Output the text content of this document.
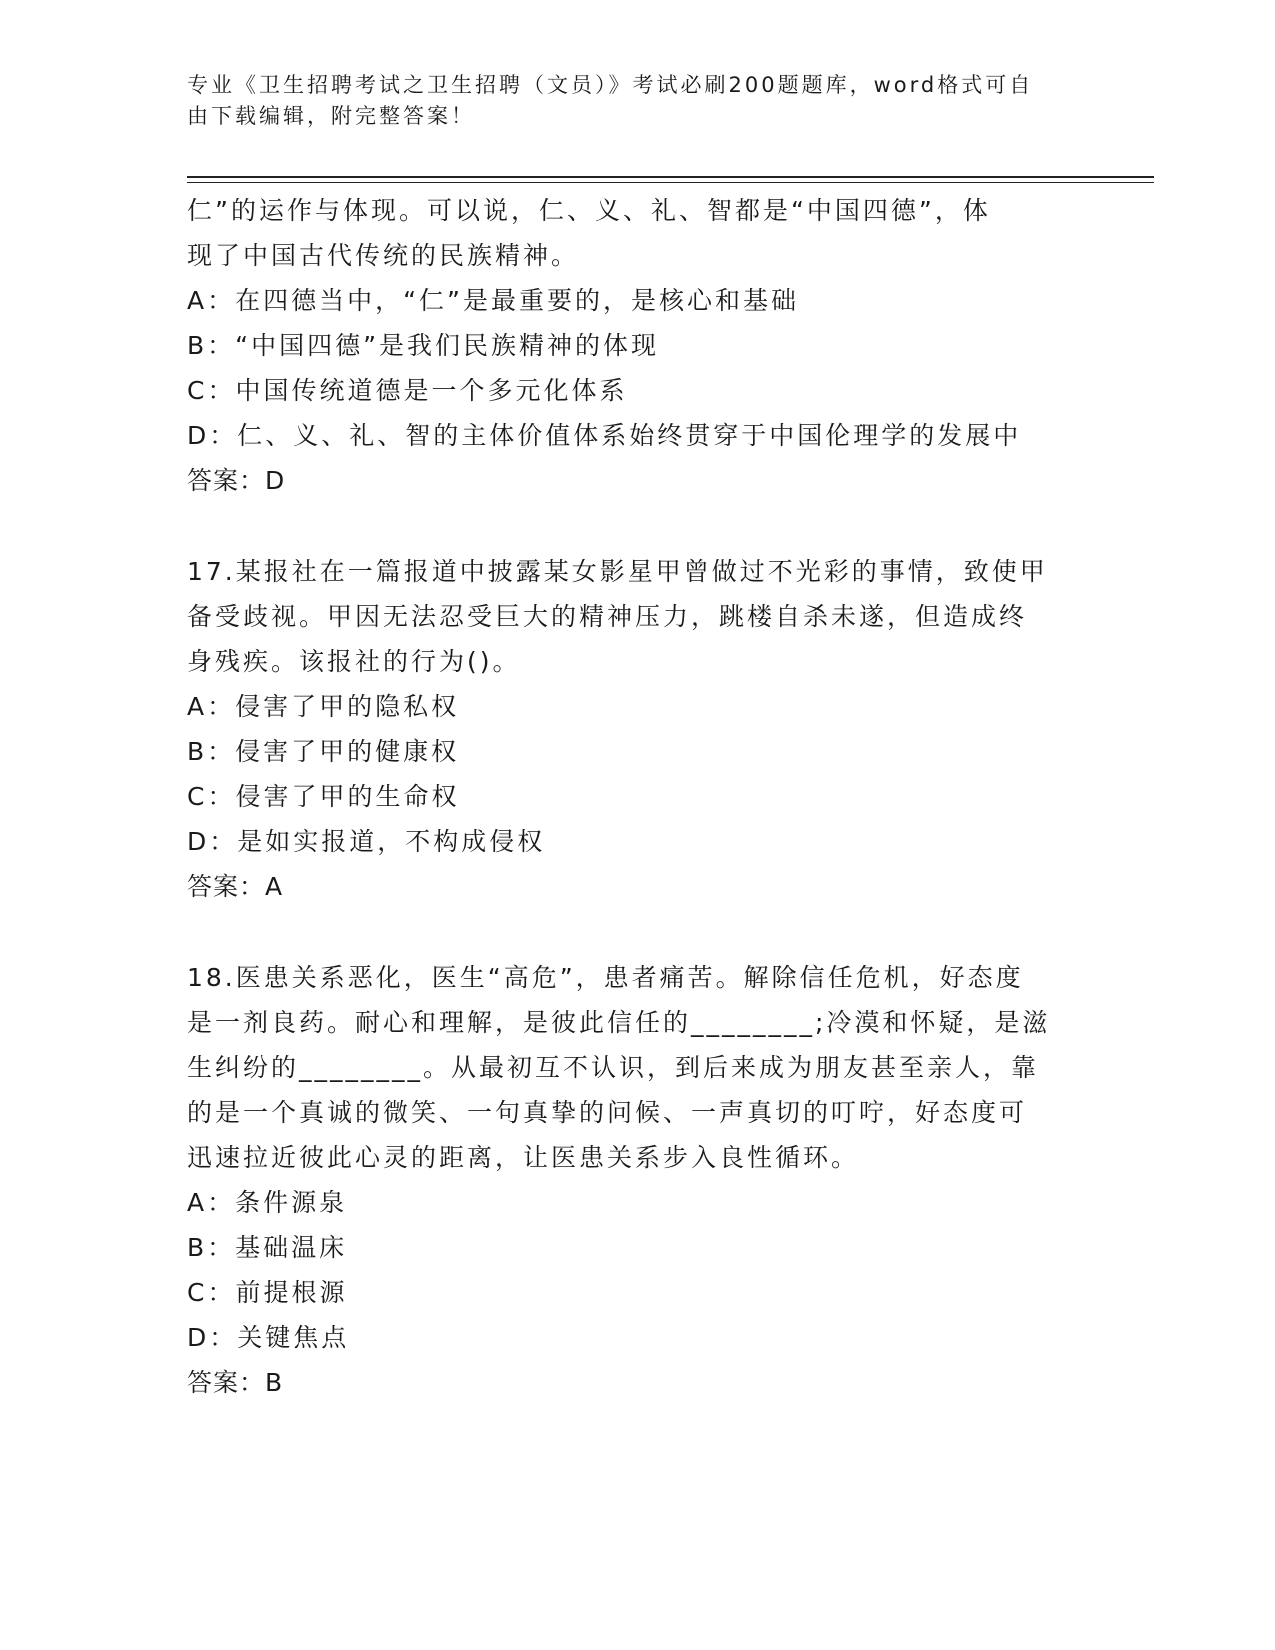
专业《卫生招聘考试之卫生招聘（文员）》考试必刷200题题库，word格式可自
由下载编辑，附完整答案！
仁”的运作与体现。可以说，仁、义、礼、智都是“中国四德”，体
现了中国古代传统的民族精神。
A：在四德当中，“仁”是最重要的，是核心和基础
B：“中国四德”是我们民族精神的体现
C：中国传统道德是一个多元化体系
D：仁、义、礼、智的主体价值体系始终贯穿于中国伦理学的发展中
答案：D
17.某报社在一篇报道中披露某女影星甲曾做过不光彩的事情，致使甲
备受歧视。甲因无法忍受巨大的精神压力，跳楼自杀未遂，但造成终
身残疾。该报社的行为()。
A：侵害了甲的隐私权
B：侵害了甲的健康权
C：侵害了甲的生命权
D：是如实报道，不构成侵权
答案：A
18.医患关系恶化，医生“高危”，患者痛苦。解除信任危机，好态度
是一剂良药。耐心和理解，是彼此信任的________;冷漠和怀疑，是滋
生纠纷的________。从最初互不认识，到后来成为朋友甚至亲人，靠
的是一个真诚的微笑、一句真挚的问候、一声真切的叮咛，好态度可
迅速拉近彼此心灵的距离，让医患关系步入良性循环。
A：条件源泉
B：基础温床
C：前提根源
D：关键焦点
答案：B
